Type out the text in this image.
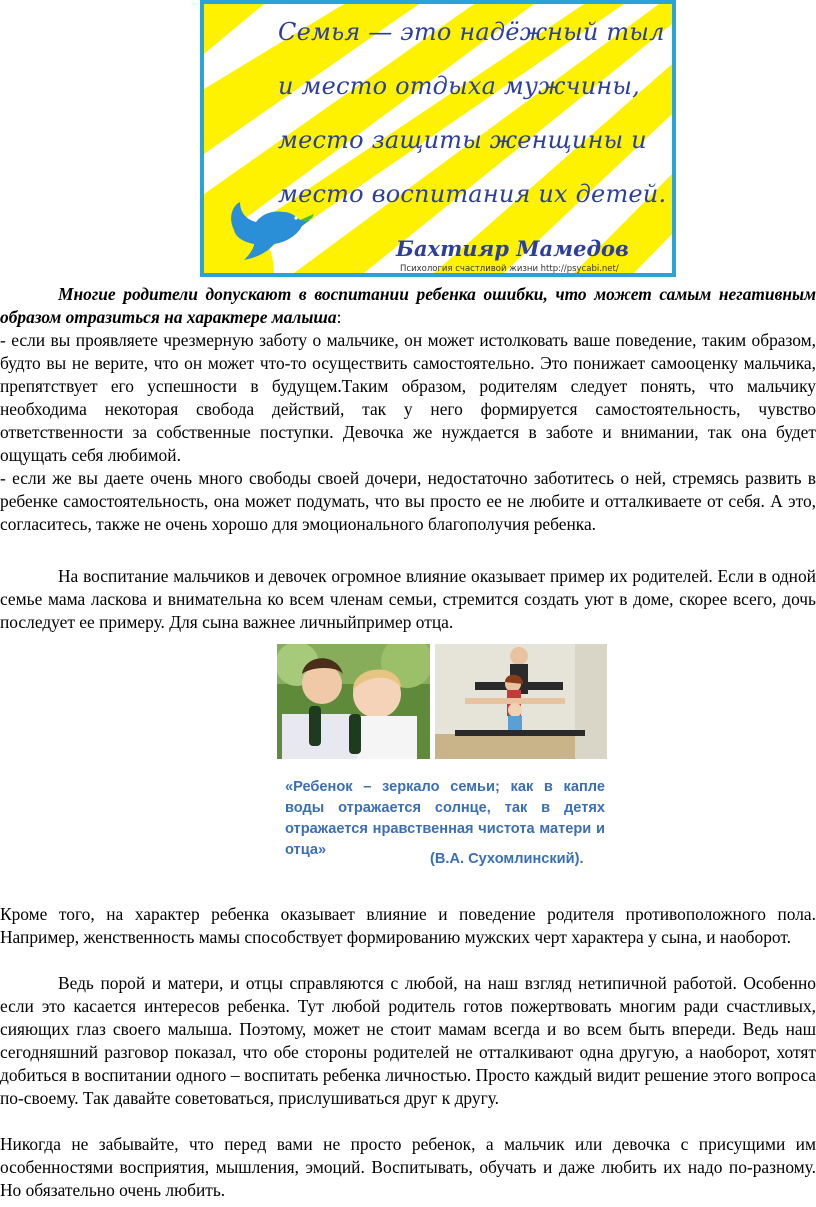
Семья — это надёжный тыл
и место отдыха мужчины,
место защиты женщины и
место воспитания их детей.
Бахтияр Мамедов
Психология счастливой жизни http://psycabi.net/

Многие родители допускают в воспитании ребенка ошибки, что может самым негативным образом отразиться на характере малыша:

- если вы проявляете чрезмерную заботу о мальчике, он может истолковать ваше поведение, таким образом, будто вы не верите, что он может что-то осуществить самостоятельно. Это понижает самооценку мальчика, препятствует его успешности в будущем.Таким образом, родителям следует понять, что мальчику необходима некоторая свобода действий, так у него формируется самостоятельность, чувство ответственности за собственные поступки. Девочка же нуждается в заботе и внимании, так она будет ощущать себя любимой.

- если же вы даете очень много свободы своей дочери, недостаточно заботитесь о ней, стремясь развить в ребенке самостоятельность, она может подумать, что вы просто ее не любите и отталкиваете от себя. А это, согласитесь, также не очень хорошо для эмоционального благополучия ребенка.

На воспитание мальчиков и девочек огромное влияние оказывает пример их родителей. Если в одной семье мама ласкова и внимательна ко всем членам семьи, стремится создать уют в доме, скорее всего, дочь последует ее примеру. Для сына важнее личныйпример отца.

«Ребенок – зеркало семьи; как в капле воды отражается солнце, так в детях отражается нравственная чистота матери и отца»

(В.А. Сухомлинский).

Кроме того, на характер ребенка оказывает влияние и поведение родителя противоположного пола. Например, женственность мамы способствует формированию мужских черт характера у сына, и наоборот.

Ведь порой и матери, и отцы справляются с любой, на наш взгляд нетипичной работой. Особенно если это касается интересов ребенка. Тут любой родитель готов пожертвовать многим ради счастливых, сияющих глаз своего малыша. Поэтому, может не стоит мамам всегда и во всем быть впереди. Ведь наш сегодняшний разговор показал, что обе стороны родителей не отталкивают одна другую, а наоборот, хотят добиться в воспитании одного – воспитать ребенка личностью. Просто каждый видит решение этого вопроса по-своему. Так давайте советоваться, прислушиваться друг к другу.

Никогда не забывайте, что перед вами не просто ребенок, а мальчик или девочка с присущими им особенностями восприятия, мышления, эмоций. Воспитывать, обучать и даже любить их надо по-разному. Но обязательно очень любить.
